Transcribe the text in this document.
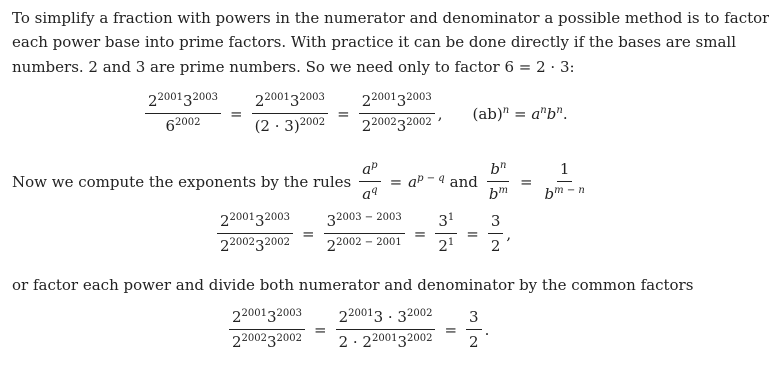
To simplify a fraction with powers in the numerator and denominator a possible method is to factor

each power base into prime factors. With practice it can be done directly if the bases are small

numbers. 2 and 3 are prime numbers. So we need only to factor 6 = 2 · 3:

$\frac{2^{2001}3^{2003}}{6^{2002}} = \frac{2^{2001}3^{2003}}{(2 \cdot 3)^{2002}} = \frac{2^{2001}3^{2003}}{2^{2002}3^{2002}}$ , $(ab)^n = a^nb^n$.
Now we compute the exponents by the rules $\frac{a^p}{a^q} = a^{p - q}$ and $\frac{b^n}{b^m} = \frac{1}{b^{m - n}}$
$\frac{2^{2001}3^{2003}}{2^{2002}3^{2002}} = \frac{3^{2003 - 2003}}{2^{2002 - 2001}} = \frac{3^1}{2^1} = \frac{3}{2}$ ,

or factor each power and divide both numerator and denominator by the common factors

$\frac{2^{2001}3^{2003}}{2^{2002}3^{2002}} = \frac{2^{2001}3 \cdot 3^{2002}}{2 \cdot 2^{2001}3^{2002}} = \frac{3}{2}$ .
